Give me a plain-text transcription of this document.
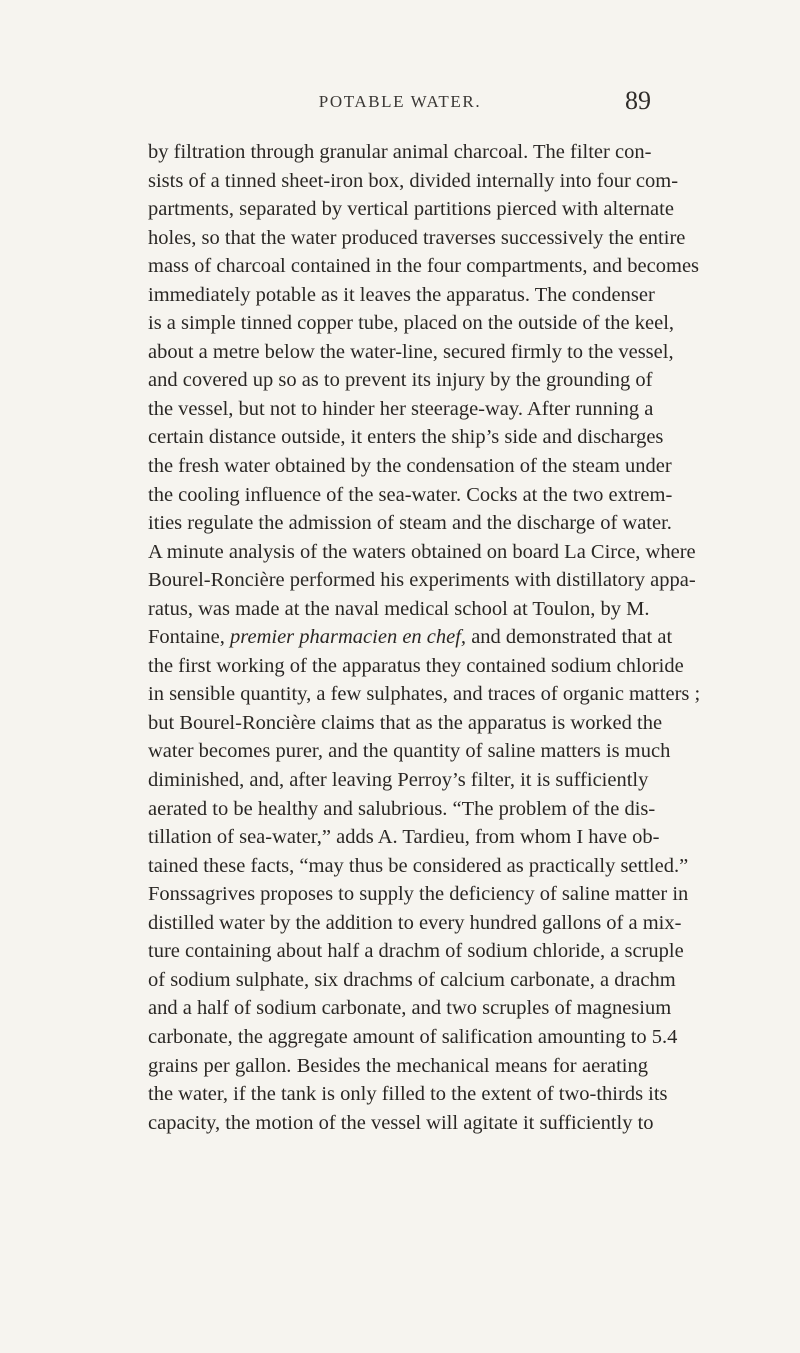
POTABLE WATER.	89
by filtration through granular animal charcoal. The filter con-
sists of a tinned sheet-iron box, divided internally into four com-
partments, separated by vertical partitions pierced with alternate
holes, so that the water produced traverses successively the entire
mass of charcoal contained in the four compartments, and becomes
immediately potable as it leaves the apparatus. The condenser
is a simple tinned copper tube, placed on the outside of the keel,
about a metre below the water-line, secured firmly to the vessel,
and covered up so as to prevent its injury by the grounding of
the vessel, but not to hinder her steerage-way. After running a
certain distance outside, it enters the ship’s side and discharges
the fresh water obtained by the condensation of the steam under
the cooling influence of the sea-water. Cocks at the two extrem-
ities regulate the admission of steam and the discharge of water.
A minute analysis of the waters obtained on board La Circe, where
Bourel-Roncière performed his experiments with distillatory appa-
ratus, was made at the naval medical school at Toulon, by M.
Fontaine, premier pharmacien en chef, and demonstrated that at
the first working of the apparatus they contained sodium chloride
in sensible quantity, a few sulphates, and traces of organic matters ;
but Bourel-Roncière claims that as the apparatus is worked the
water becomes purer, and the quantity of saline matters is much
diminished, and, after leaving Perroy’s filter, it is sufficiently
aerated to be healthy and salubrious. “The problem of the dis-
tillation of sea-water,” adds A. Tardieu, from whom I have ob-
tained these facts, “may thus be considered as practically settled.”
Fonssagrives proposes to supply the deficiency of saline matter in
distilled water by the addition to every hundred gallons of a mix-
ture containing about half a drachm of sodium chloride, a scruple
of sodium sulphate, six drachms of calcium carbonate, a drachm
and a half of sodium carbonate, and two scruples of magnesium
carbonate, the aggregate amount of salification amounting to 5.4
grains per gallon. Besides the mechanical means for aerating
the water, if the tank is only filled to the extent of two-thirds its
capacity, the motion of the vessel will agitate it sufficiently to
